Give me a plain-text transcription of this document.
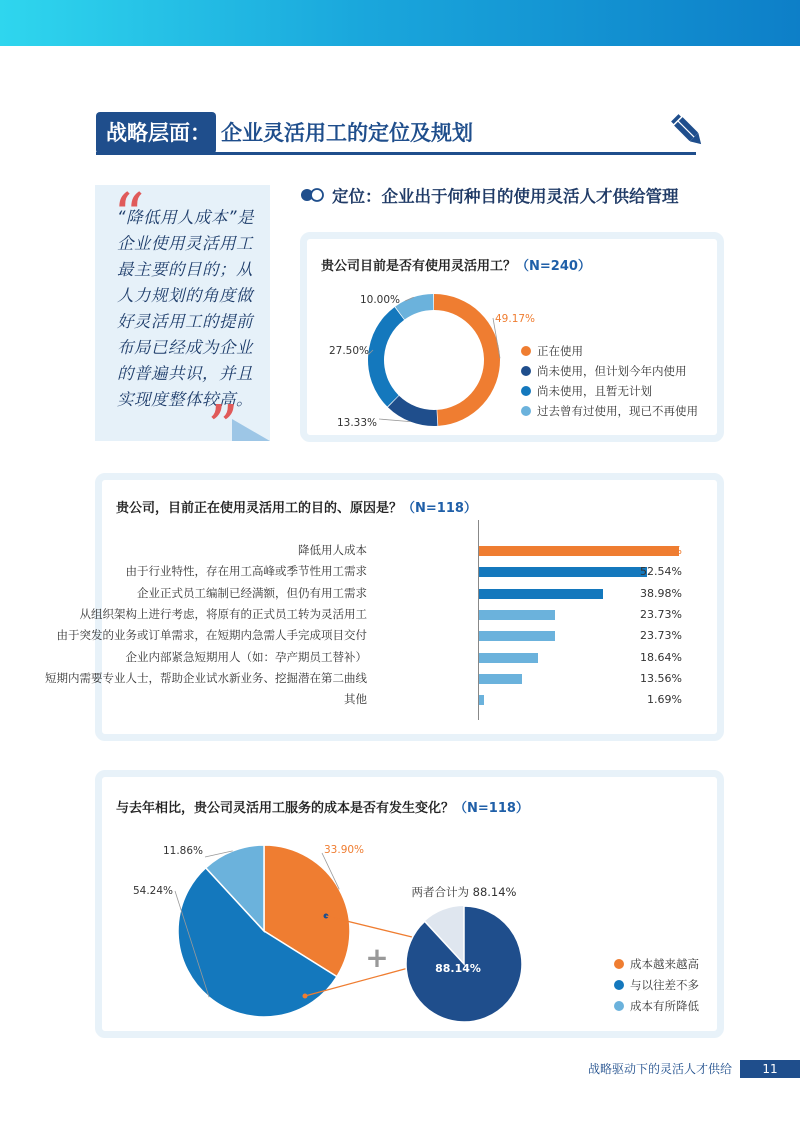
战略层面： 企业灵活用工的定位及规划
“
“降低用人成本”是企业使用灵活用工最主要的目的；从人力规划的角度做好灵活用工的提前布局已经成为企业的普遍共识，并且实现度整体较高。
”
定位：企业出于何种目的使用灵活人才供给管理
贵公司目前是否有使用灵活用工？（N=240）
49.17%
正在使用
13.33%
尚未使用，但计划今年内使用
27.50%
尚未使用，且暂无计划
10.00%
过去曾有过使用，现已不再使用
贵公司，目前正在使用灵活用工的目的、原因是？（N=118）
降低用人成本	62.71%
由于行业特性，存在用工高峰或季节性用工需求	52.54%
企业正式员工编制已经满额，但仍有用工需求	38.98%
从组织架构上进行考虑，将原有的正式员工转为灵活用工	23.73%
由于突发的业务或订单需求，在短期内急需人手完成项目交付	23.73%
企业内部紧急短期用人（如：孕产期员工替补）	18.64%
短期内需要专业人士，帮助企业试水新业务、挖掘潜在第二曲线	13.56%
其他	1.69%
与去年相比，贵公司灵活用工服务的成本是否有发生变化？（N=118）
33.90%
54.24%
11.86%
+	88.14%
两者合计为 88.14%
成本越来越高
与以往差不多
成本有所降低
战略驱动下的灵活人才供给	11
